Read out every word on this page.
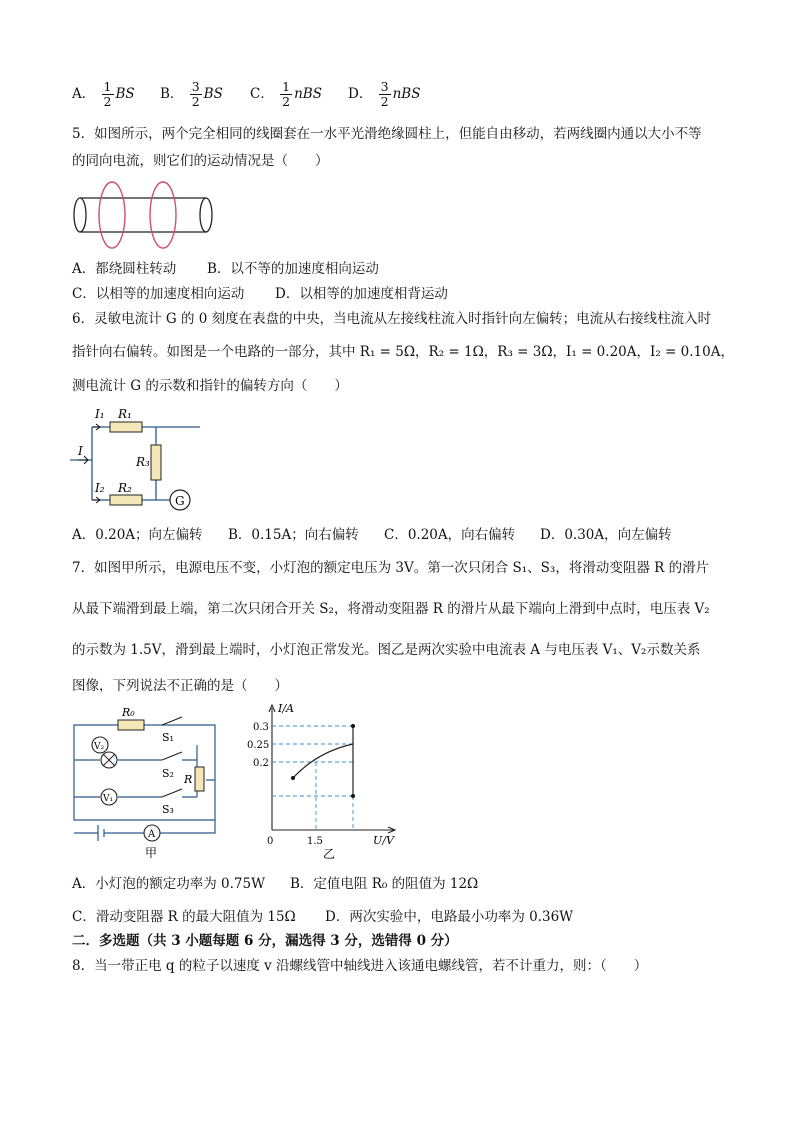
A． $\frac{1}{2}$ BS B． $\frac{3}{2}$ BS C． $\frac{1}{2}$ nBS D． $\frac{3}{2}$ nBS
5．如图所示，两个完全相同的线圈套在一水平光滑绝缘圆柱上，但能自由移动，若两线圈内通以大小不等
的同向电流，则它们的运动情况是（　　）
A．都绕圆柱转动 B．以不等的加速度相向运动
C．以相等的加速度相向运动 D．以相等的加速度相背运动
6．灵敏电流计 G 的 0 刻度在表盘的中央，当电流从左接线柱流入时指针向左偏转；电流从右接线柱流入时
指针向右偏转。如图是一个电路的一部分，其中 R₁ = 5Ω，R₂ = 1Ω，R₃ = 3Ω，I₁ = 0.20A，I₂ = 0.10A，
测电流计 G 的示数和指针的偏转方向（　　）
I₁ R₁
I
R₃
I₂ R₂
G
A．0.20A；向左偏转 B．0.15A；向右偏转 C．0.20A，向右偏转 D．0.30A，向左偏转
7．如图甲所示，电源电压不变，小灯泡的额定电压为 3V。第一次只闭合 S₁、S₃，将滑动变阻器 R 的滑片
从最下端滑到最上端，第二次只闭合开关 S₂，将滑动变阻器 R 的滑片从最下端向上滑到中点时，电压表 V₂
的示数为 1.5V，滑到最上端时，小灯泡正常发光。图乙是两次实验中电流表 A 与电压表 V₁、V₂示数关系
图像，下列说法不正确的是（　　）
R₀
S₁
S₂
S₃
R
V₂
V₁
A
甲
I/A
0.3
0.25
0.2
0	1.5	U/V
乙
A．小灯泡的额定功率为 0.75W B．定值电阻 R₀ 的阻值为 12Ω
C．滑动变阻器 R 的最大阻值为 15Ω D．两次实验中，电路最小功率为 0.36W
二．多选题（共 3 小题每题 6 分，漏选得 3 分，选错得 0 分）
8．当一带正电 q 的粒子以速度 v 沿螺线管中轴线进入该通电螺线管，若不计重力，则：（　　）
